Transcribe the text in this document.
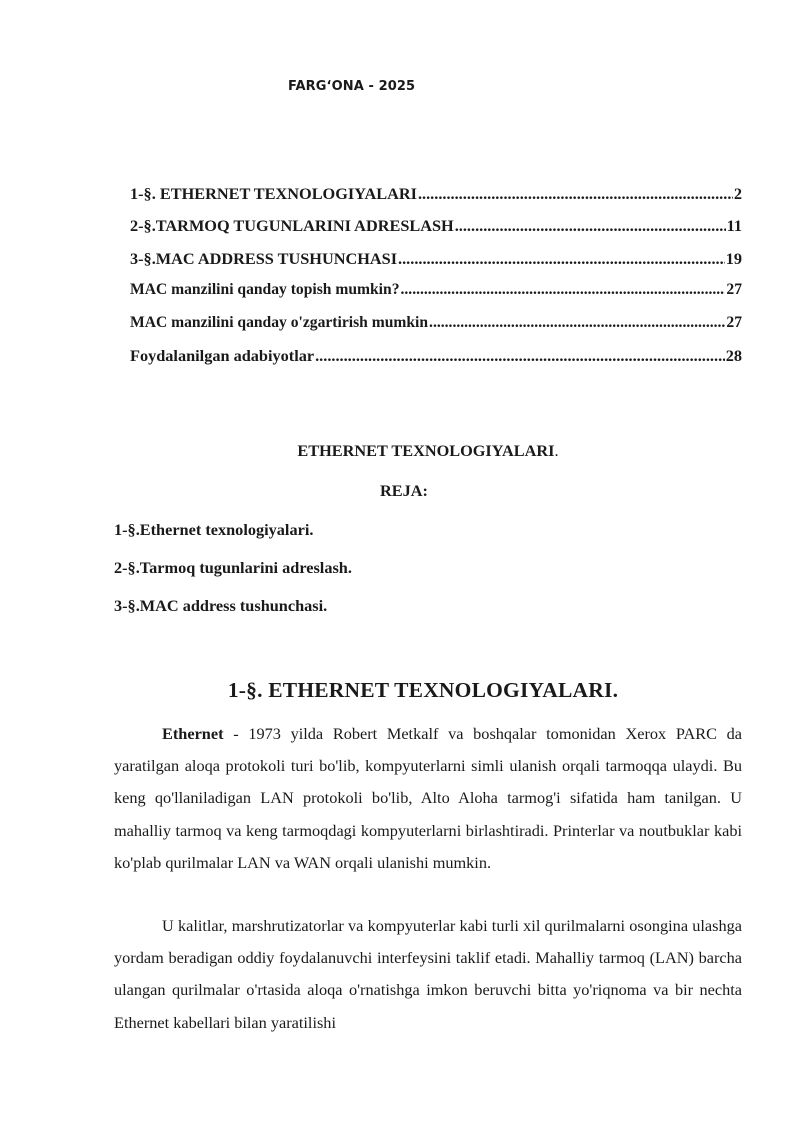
FARG‘ONA - 2025
1-§. ETHERNET TEXNOLOGIYALARI .....	2
2-§.TARMOQ TUGUNLARINI ADRESLASH .....	11
3-§.MAC ADDRESS TUSHUNCHASI .....	19
MAC manzilini qanday topish mumkin? .....	27
MAC manzilini qanday o'zgartirish mumkin .....	27
Foydalanilgan adabiyotlar .....	28
ETHERNET TEXNOLOGIYALARI.
REJA:
1-§.Ethernet texnologiyalari.
2-§.Tarmoq tugunlarini adreslash.
3-§.MAC address tushunchasi.
1-§. ETHERNET TEXNOLOGIYALARI.

Ethernet - 1973 yilda Robert Metkalf va boshqalar tomonidan Xerox PARC da yaratilgan aloqa protokoli turi bo'lib, kompyuterlarni simli ulanish orqali tarmoqqa ulaydi. Bu keng qo'llaniladigan LAN protokoli bo'lib, Alto Aloha tarmog'i sifatida ham tanilgan. U mahalliy tarmoq va keng tarmoqdagi kompyuterlarni birlashtiradi. Printerlar va noutbuklar kabi ko'plab qurilmalar LAN va WAN orqali ulanishi mumkin.

U kalitlar, marshrutizatorlar va kompyuterlar kabi turli xil qurilmalarni osongina ulashga yordam beradigan oddiy foydalanuvchi interfeysini taklif etadi. Mahalliy tarmoq (LAN) barcha ulangan qurilmalar o'rtasida aloqa o'rnatishga imkon beruvchi bitta yo'riqnoma va bir nechta Ethernet kabellari bilan yaratilishi
